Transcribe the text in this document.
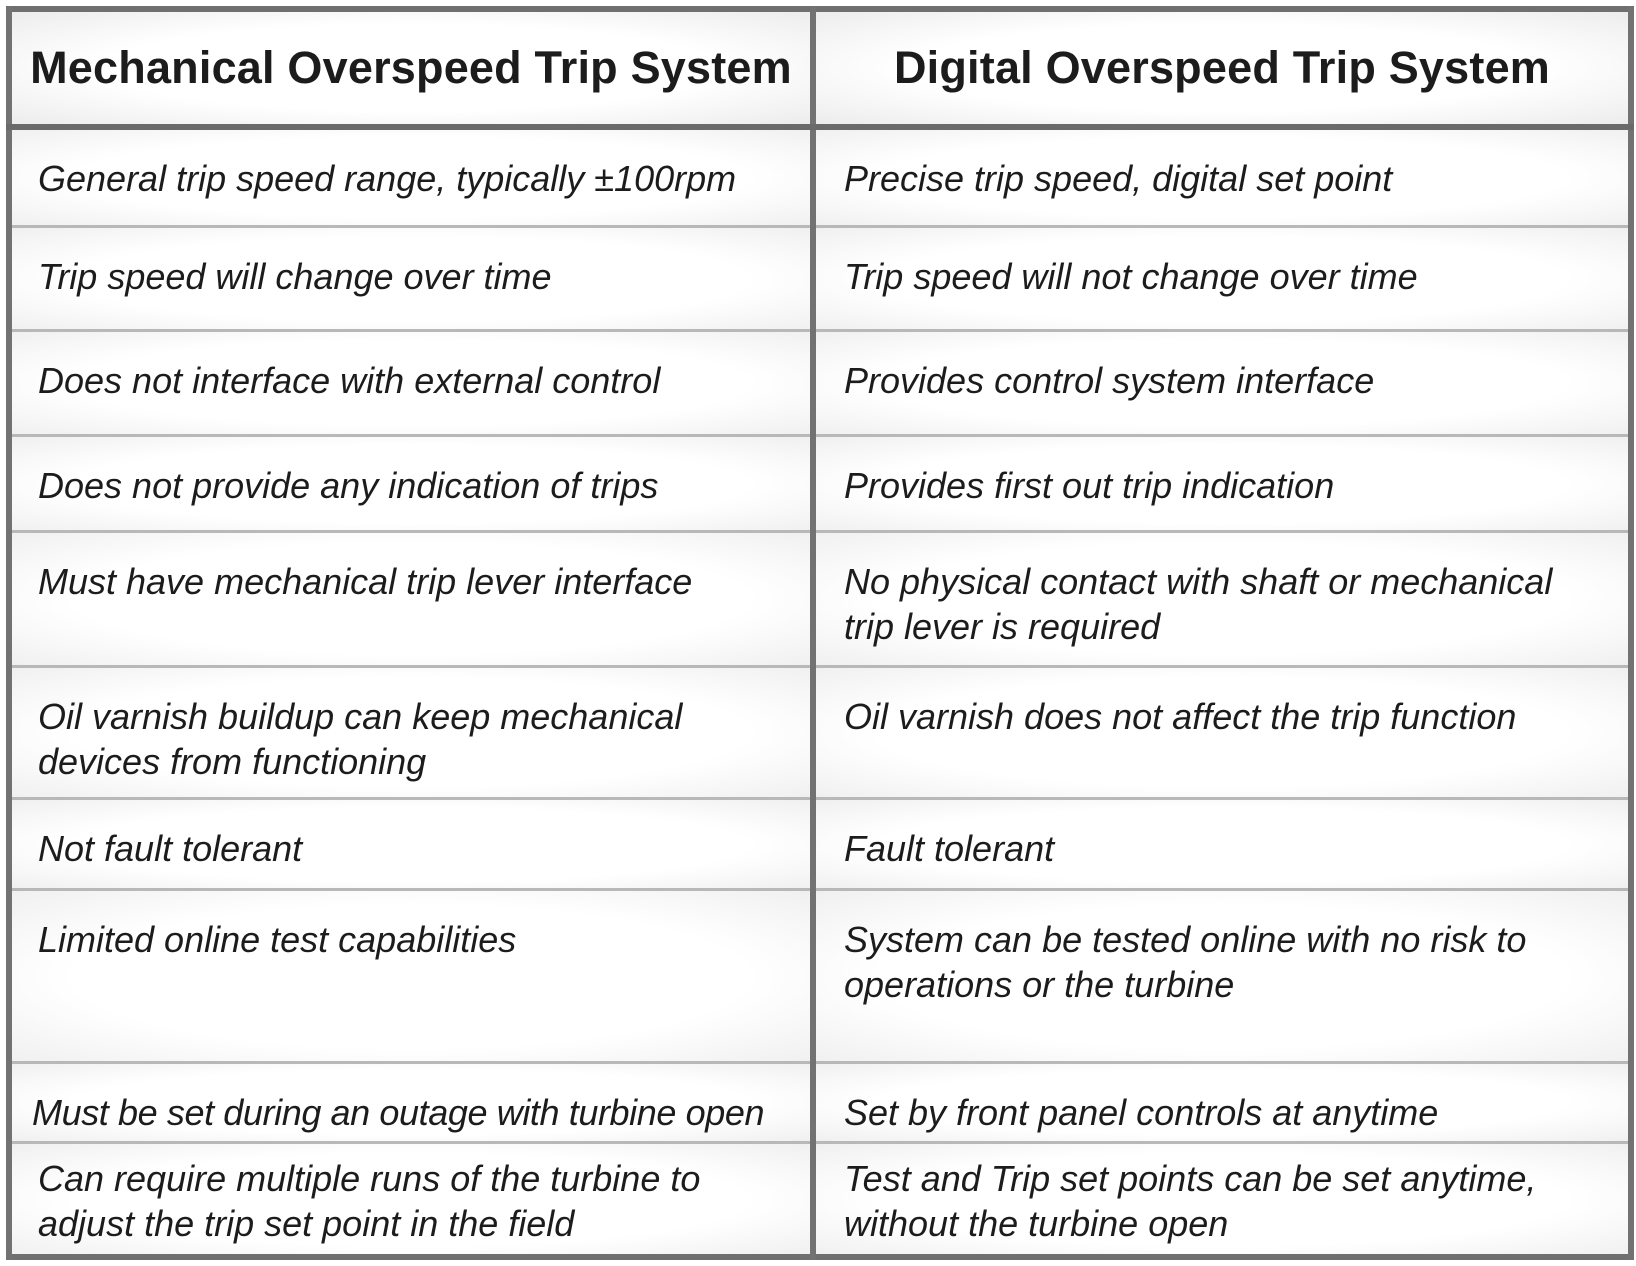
Mechanical Overspeed Trip System	Digital Overspeed Trip System
General trip speed range, typically ±100rpm	Precise trip speed, digital set point
Trip speed will change over time	Trip speed will not change over time
Does not interface with external control	Provides control system interface
Does not provide any indication of trips	Provides first out trip indication
Must have mechanical trip lever interface	No physical contact with shaft or mechanical trip lever is required
Oil varnish buildup can keep mechanical devices from functioning	Oil varnish does not affect the trip function
Not fault tolerant	Fault tolerant
Limited online test capabilities	System can be tested online with no risk to operations or the turbine
Must be set during an outage with turbine open	Set by front panel controls at anytime
Can require multiple runs of the turbine to adjust the trip set point in the field	Test and Trip set points can be set anytime, without the turbine open
